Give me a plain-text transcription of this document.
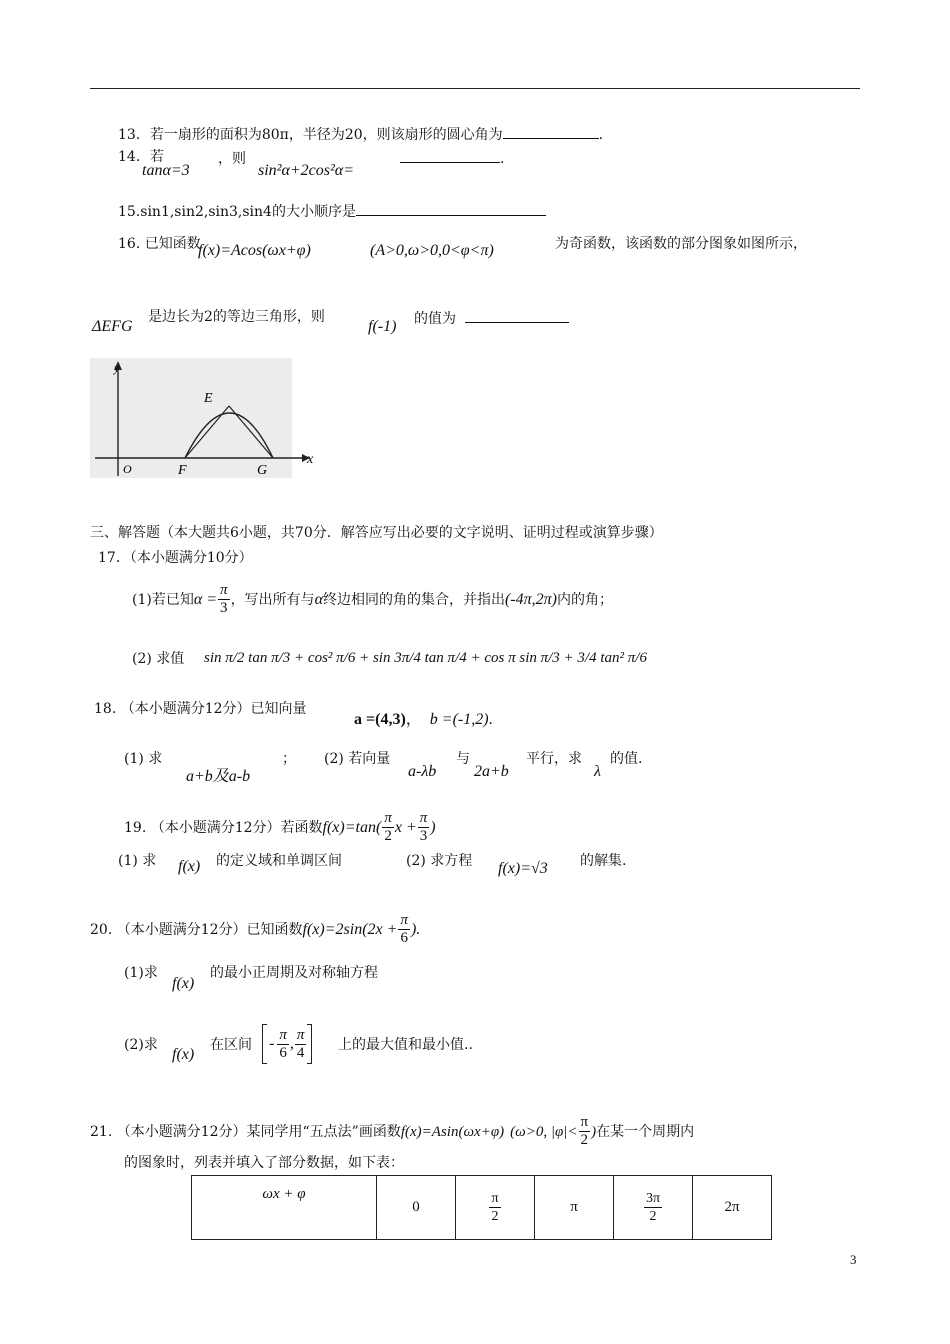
13．若一扇形的面积为80π，半径为20，则该扇形的圆心角为	.
14．若
tanα=3
，则
sin²α+2cos²α=
.
15.sin1,sin2,sin3,sin4的大小顺序是
16. 已知函数
f(x)=Acos(ωx+φ)	(A>0,ω>0,0<φ<π)	为奇函数，该函数的部分图象如图所示，
ΔEFG
是边长为2的等边三角形，则
f(-1) 的值为
y
x
O
E
F	G
三、解答题（本大题共6小题，共70分．解答应写出必要的文字说明、证明过程或演算步骤）
17．（本小题满分10分）
(1)若已知 $\alpha = \frac{\pi}{3}$ ，写出所有与 α 终边相同的角的集合，并指出 (-4π,2π) 内的角；
(2) 求值 sin π/2 tan π/3 + cos² π/6 + sin 3π/4 tan π/4 + cos π sin π/3 + 3/4 tan² π/6
18. （本小题满分12分）已知向量
a =(4,3)， b =(-1,2).
(1) 求
a+b及a-b
； (2) 若向量
a-λb
与
2a+b
平行，求
λ
的值.
19. （本小题满分12分）若函数 $f(x)=\tan( \frac{\pi}{2}$ $x + \frac{\pi}{3}$ )
(1) 求 f(x) 的定义域和单调区间	(2) 求方程 f(x)=√3 的解集.
20. （本小题满分12分）已知函数 $f(x)=2\sin(2x + \frac{\pi}{6}$ ).
(1)求
f(x)
的最小正周期及对称轴方程
(2)求
f(x)
在区间 - $\frac{\pi}{6}$ , $\frac{\pi}{4}$ 上的最大值和最小值..
21. （本小题满分12分）某同学用“五点法”画函数 f(x)=Asin(ωx+φ) (ω>0, $|\varphi|< \frac{\pi}{2}$ ) 在某一个周期内
的图象时，列表并填入了部分数据，如下表：
ωx + φ	0	$\frac{\pi}{2}$	π	$\frac{3\pi}{2}$	2π
3
